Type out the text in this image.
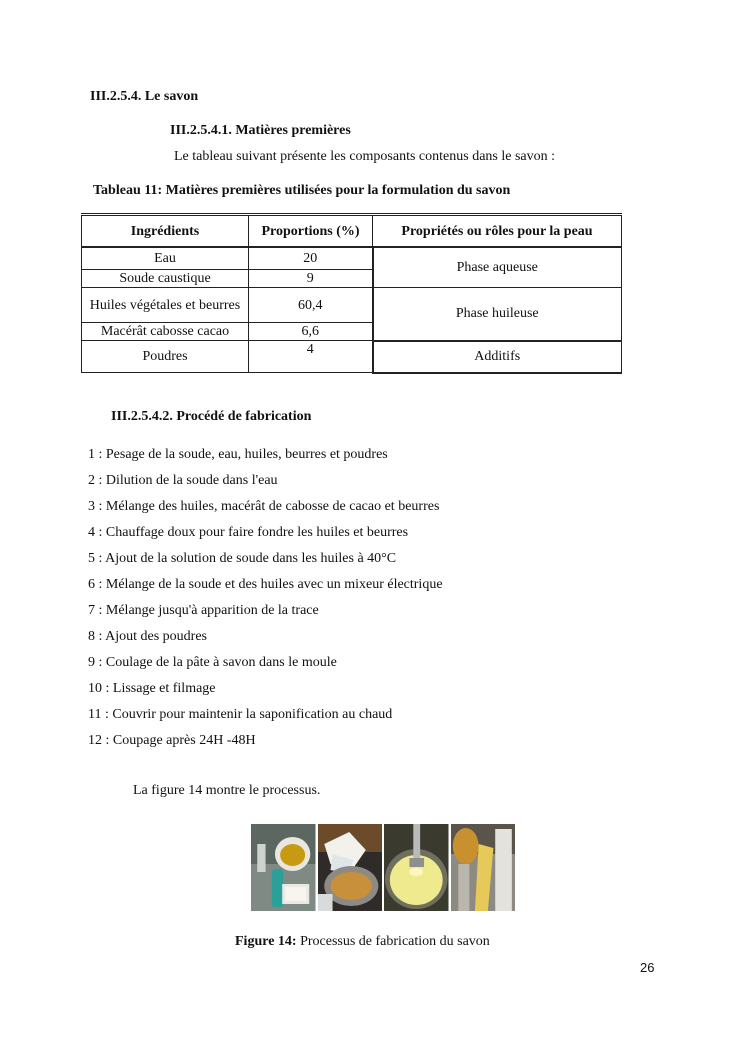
III.2.5.4. Le savon
III.2.5.4.1. Matières premières
Le tableau suivant présente les composants contenus dans le savon :
Tableau 11: Matières premières utilisées pour la formulation du savon
Ingrédients	Proportions (%)	Propriétés ou rôles pour la peau
Eau	20	Phase aqueuse
Soude caustique	9	
Huiles végétales et beurres	60,4	Phase huileuse
Macérât cabosse cacao	6,6	
Poudres	4	Additifs
III.2.5.4.2. Procédé de fabrication
1 : Pesage de la soude, eau, huiles, beurres et poudres
2 : Dilution de la soude dans l'eau
3 : Mélange des huiles, macérât de cabosse de cacao et beurres
4 : Chauffage doux pour faire fondre les huiles et beurres
5 : Ajout de la solution de soude dans les huiles à 40°C
6 : Mélange de la soude et des huiles avec un mixeur électrique
7 : Mélange jusqu'à apparition de la trace
8 : Ajout des poudres
9 : Coulage de la pâte à savon dans le moule
10 : Lissage et filmage
11 : Couvrir pour maintenir la saponification au chaud
12 : Coupage après 24H -48H
La figure 14 montre le processus.
Figure 14: Processus de fabrication du savon
26
